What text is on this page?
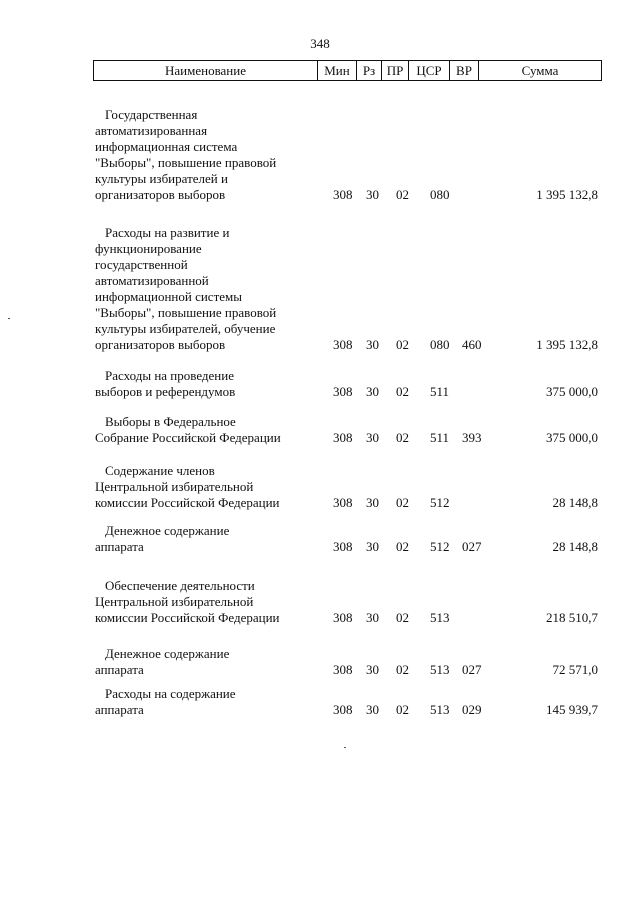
348
Наименование	Мин	Рз	ПР	ЦСР	ВР	Сумма
Государственная
автоматизированная
информационная система
"Выборы", повышение правовой
культуры избирателей и
организаторов выборов	308 30 02 080	1 395 132,8
Расходы на развитие и
функционирование
государственной
автоматизированной
информационной системы
"Выборы", повышение правовой
культуры избирателей, обучение
организаторов выборов	308 30 02 080 460	1 395 132,8
Расходы на проведение
выборов и референдумов	308 30 02 511	375 000,0
Выборы в Федеральное
Собрание Российской Федерации	308 30 02 511 393	375 000,0
Содержание членов
Центральной избирательной
комиссии Российской Федерации	308 30 02 512	28 148,8
Денежное содержание
аппарата	308 30 02 512 027	28 148,8
Обеспечение деятельности
Центральной избирательной
комиссии Российской Федерации	308 30 02 513	218 510,7
Денежное содержание
аппарата	308 30 02 513 027	72 571,0
Расходы на содержание
аппарата	308 30 02 513 029	145 939,7
